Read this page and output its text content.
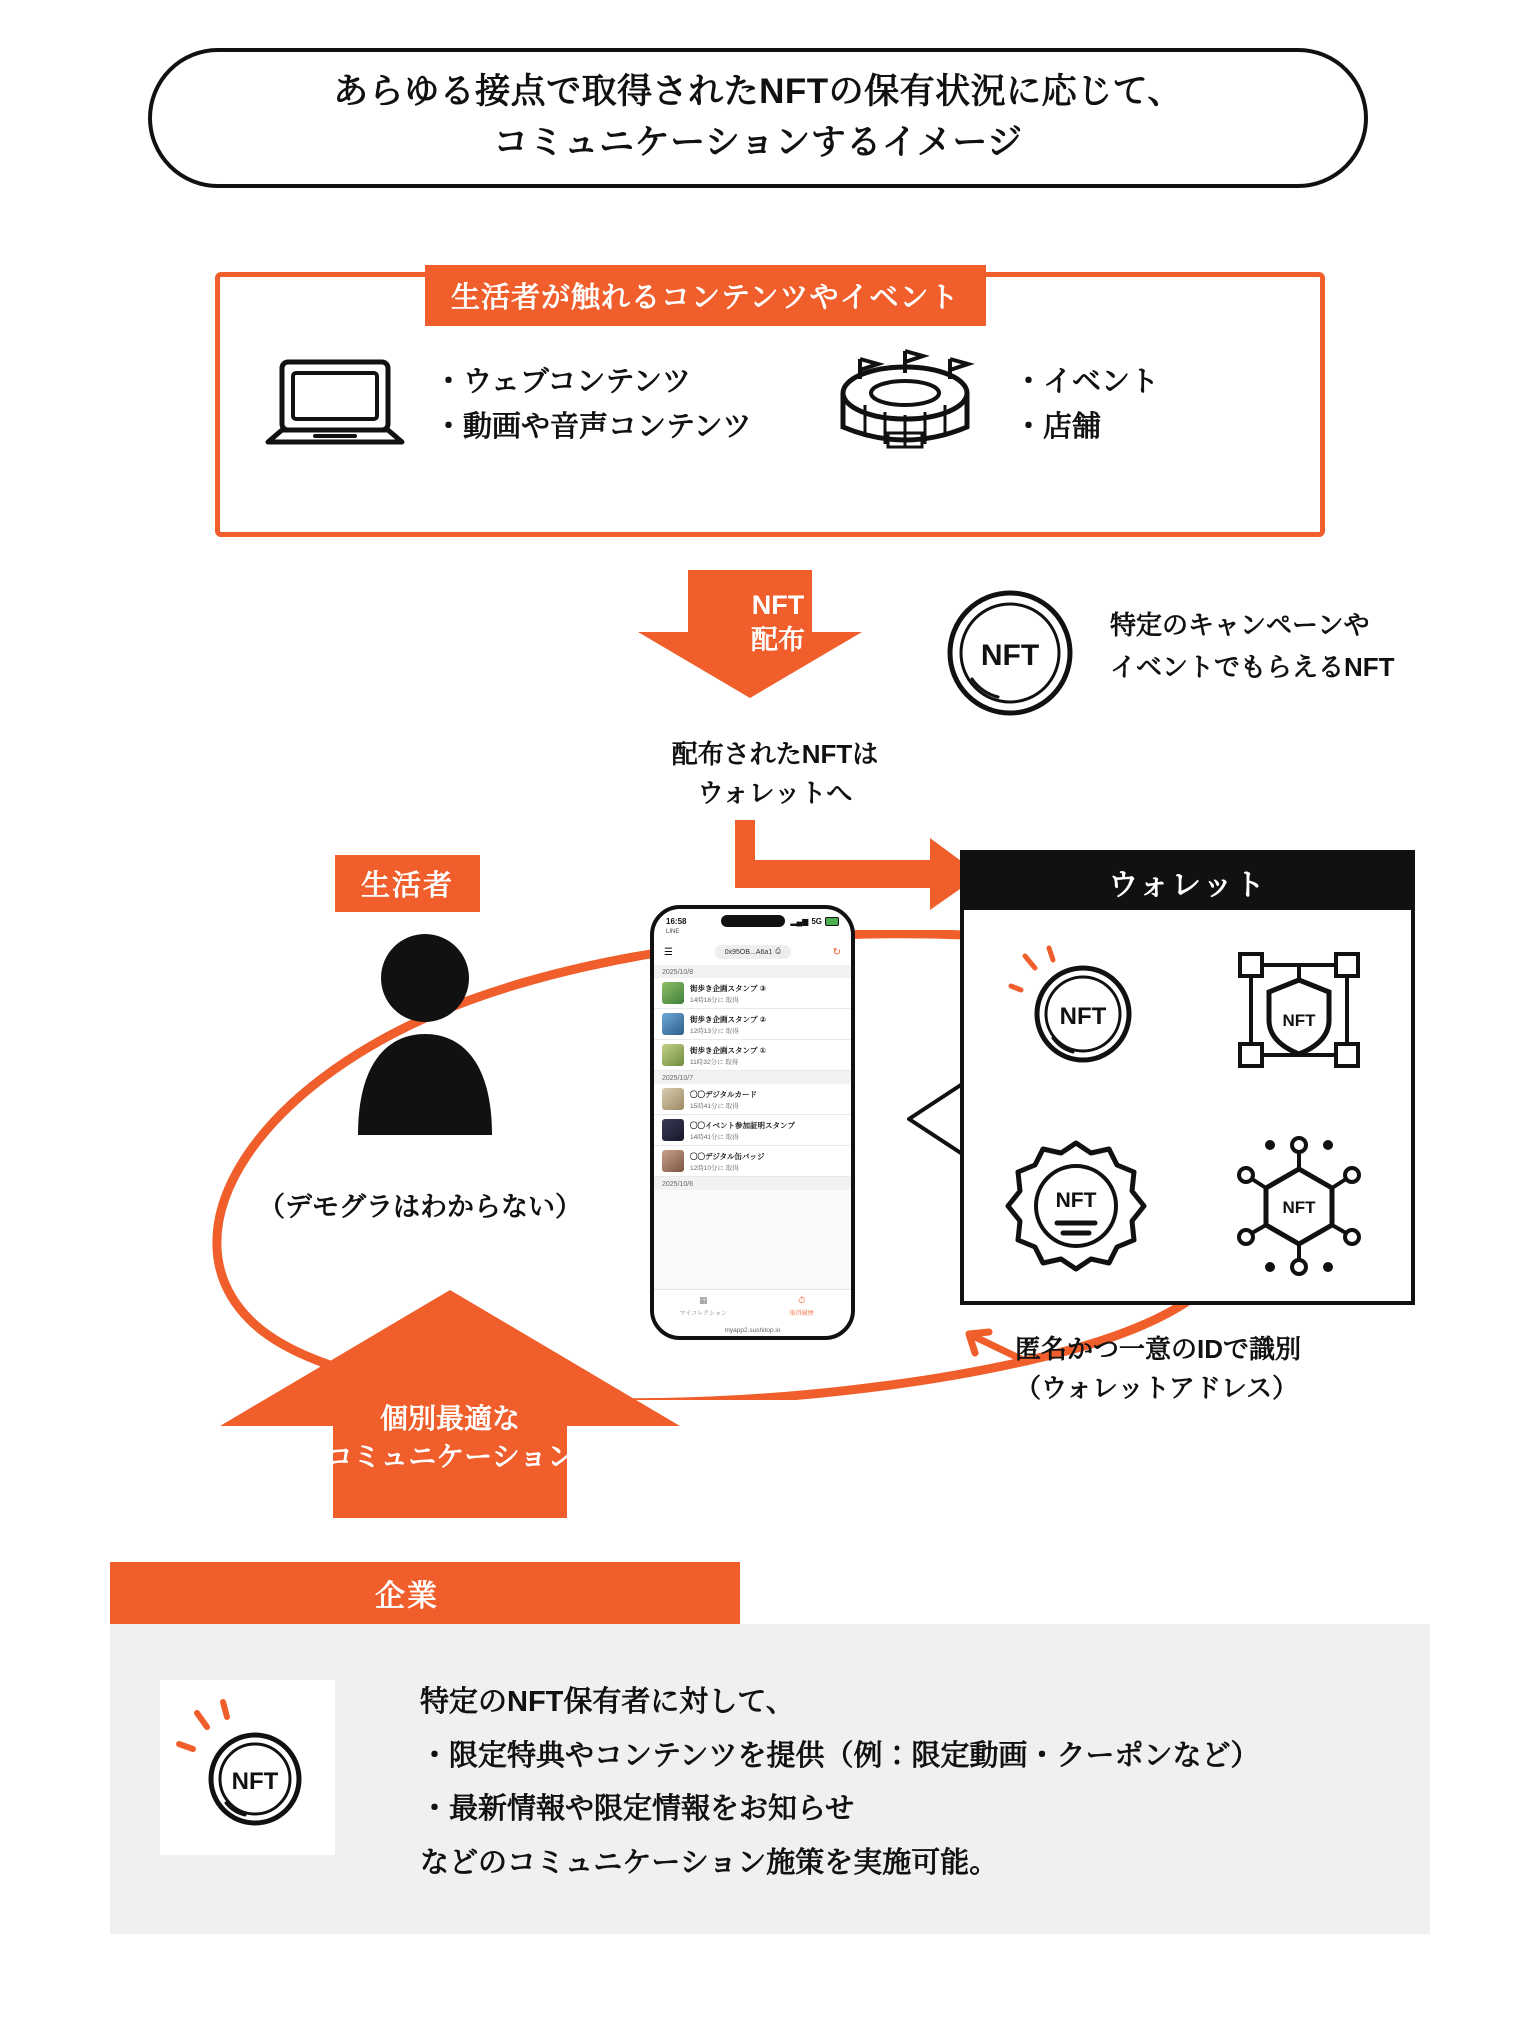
あらゆる接点で取得されたNFTの保有状況に応じて、
コミュニケーションするイメージ
生活者が触れるコンテンツやイベント
・ウェブコンテンツ
・動画や音声コンテンツ
・イベント
・店舗
NFT
配布	NFT
特定のキャンペーンや
イベントでもらえるNFT
配布されたNFTは
ウォレットへ
生活者
（デモグラはわからない）
16:58	▂▄▆ 5G
LINE
☰	0x95OB...A6a1 ⎙	↻
2025/10/8
街歩き企画スタンプ ③
14時18分に 取得
街歩き企画スタンプ ②
12時13分に 取得
街歩き企画スタンプ ①
11時32分に 取得
2025/10/7
〇〇デジタルカード
15時41分に 取得
〇〇イベント参加証明スタンプ
14時41分に 取得
〇〇デジタル缶バッジ
12時10分に 取得
2025/10/6
▦
マイコレクション
⏱
取得履歴
myapp2.sushitop.io
ウォレット
NFT	NFT
NFT	NFT
匿名かつ一意のIDで識別
（ウォレットアドレス）
個別最適な
コミュニケーション
企業
NFT
特定のNFT保有者に対して、
・限定特典やコンテンツを提供（例：限定動画・クーポンなど）
・最新情報や限定情報をお知らせ
などのコミュニケーション施策を実施可能。
